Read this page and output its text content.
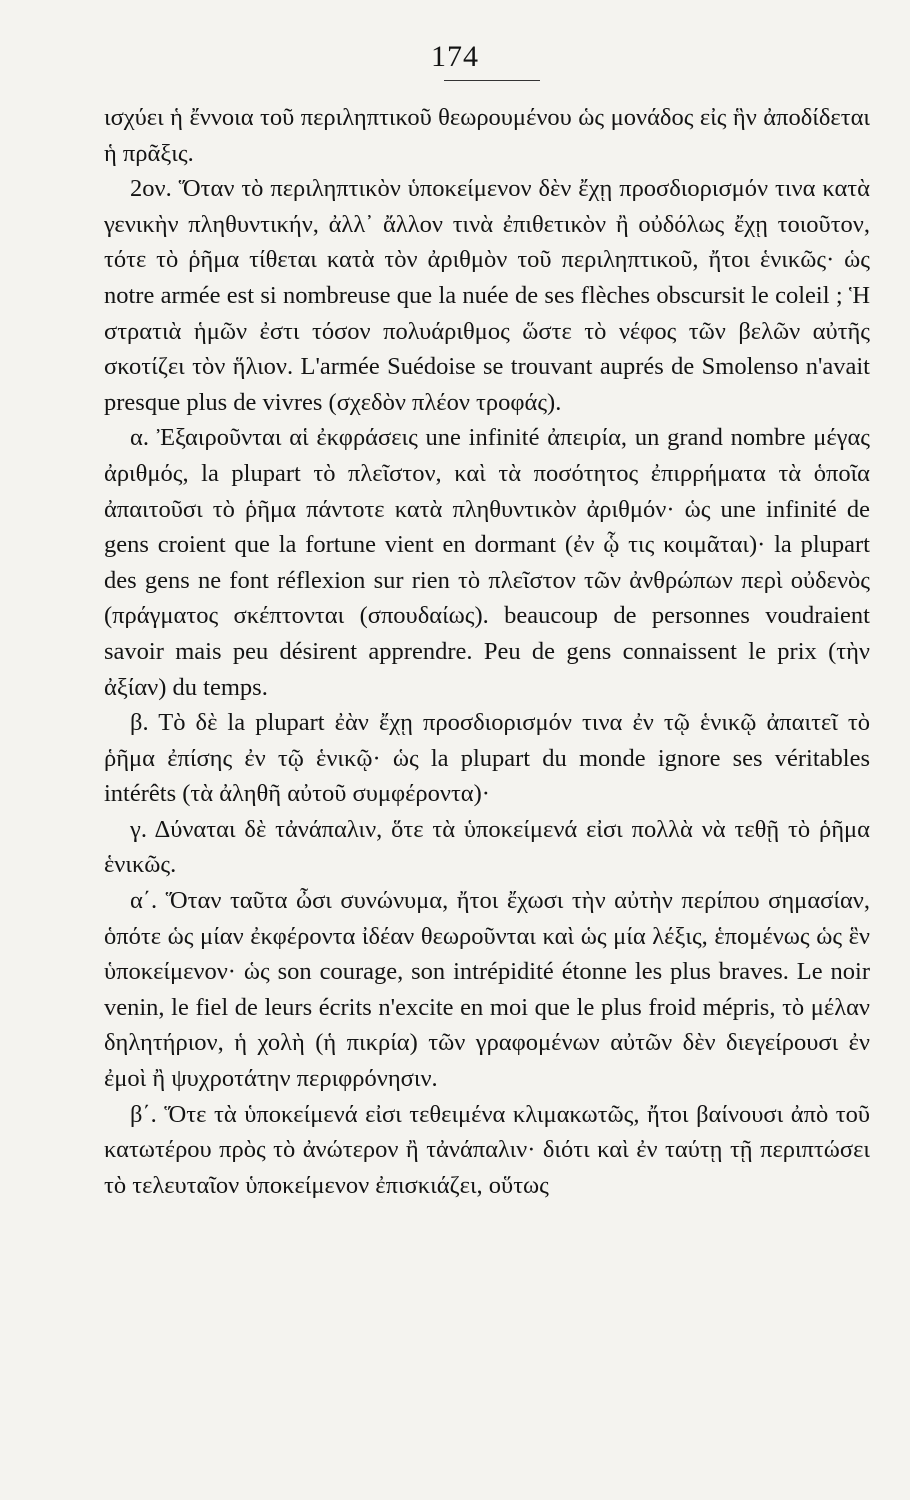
174

ισχύει ἡ ἔννοια τοῦ περιληπτικοῦ θεωρουμένου ὡς μονάδος εἰς ἣν ἀποδίδεται ἡ πρᾶξις.

2ον. Ὅταν τὸ περιληπτικὸν ὑποκείμενον δὲν ἔχῃ προσδιορισμόν τινα κατὰ γενικὴν πληθυντικήν, ἀλλ᾽ ἄλλον τινὰ ἐπιθετικὸν ἢ οὐδόλως ἔχῃ τοιοῦτον, τότε τὸ ῥῆμα τίθεται κατὰ τὸν ἀριθμὸν τοῦ περιληπτικοῦ, ἤτοι ἑνικῶς· ὡς notre armée est si nombreuse que la nuée de ses flèches obscursit le coleil ; Ἡ στρατιὰ ἡμῶν ἐστι τόσον πολυάριθμος ὥστε τὸ νέφος τῶν βελῶν αὐτῆς σκοτίζει τὸν ἥλιον. L'armée Suédoise se trouvant auprés de Smolenso n'avait presque plus de vivres (σχεδὸν πλέον τροφάς).

α. Ἐξαιροῦνται αἱ ἐκφράσεις une infinité ἀπειρία, un grand nombre μέγας ἀριθμός, la plupart τὸ πλεῖστον, καὶ τὰ ποσότητος ἐπιρρήματα τὰ ὁποῖα ἀπαιτοῦσι τὸ ῥῆμα πάντοτε κατὰ πληθυντικὸν ἀριθμόν· ὡς une infinité de gens croient que la fortune vient en dormant (ἐν ᾧ τις κοιμᾶται)· la plupart des gens ne font réflexion sur rien τὸ πλεῖστον τῶν ἀνθρώπων περὶ οὐδενὸς (πράγματος σκέπτονται (σπουδαίως). beaucoup de personnes voudraient savoir mais peu désirent apprendre. Peu de gens connaissent le prix (τὴν ἀξίαν) du temps.

β. Τὸ δὲ la plupart ἐὰν ἔχῃ προσδιορισμόν τινα ἐν τῷ ἑνικῷ ἀπαιτεῖ τὸ ῥῆμα ἐπίσης ἐν τῷ ἑνικῷ· ὡς la plupart du monde ignore ses véritables intérêts (τὰ ἀληθῆ αὐτοῦ συμφέροντα)·

γ. Δύναται δὲ τἀνάπαλιν, ὅτε τὰ ὑποκείμενά εἰσι πολλὰ νὰ τεθῇ τὸ ῥῆμα ἑνικῶς.

α΄. Ὅταν ταῦτα ὦσι συνώνυμα, ἤτοι ἔχωσι τὴν αὐτὴν περίπου σημασίαν, ὁπότε ὡς μίαν ἐκφέροντα ἰδέαν θεωροῦνται καὶ ὡς μία λέξις, ἑπομένως ὡς ἓν ὑποκείμενον· ὡς son courage, son intrépidité étonne les plus braves. Le noir venin, le fiel de leurs écrits n'excite en moi que le plus froid mépris, τὸ μέλαν δηλητήριον, ἡ χολὴ (ἡ πικρία) τῶν γραφομένων αὐτῶν δὲν διεγείρουσι ἐν ἐμοὶ ἢ ψυχροτάτην περιφρόνησιν.

β΄. Ὅτε τὰ ὑποκείμενά εἰσι τεθειμένα κλιμακωτῶς, ἤτοι βαίνουσι ἀπὸ τοῦ κατωτέρου πρὸς τὸ ἀνώτερον ἢ τἀνάπαλιν· διότι καὶ ἐν ταύτῃ τῇ περιπτώσει τὸ τελευταῖον ὑποκείμενον ἐπισκιάζει, οὕτως
